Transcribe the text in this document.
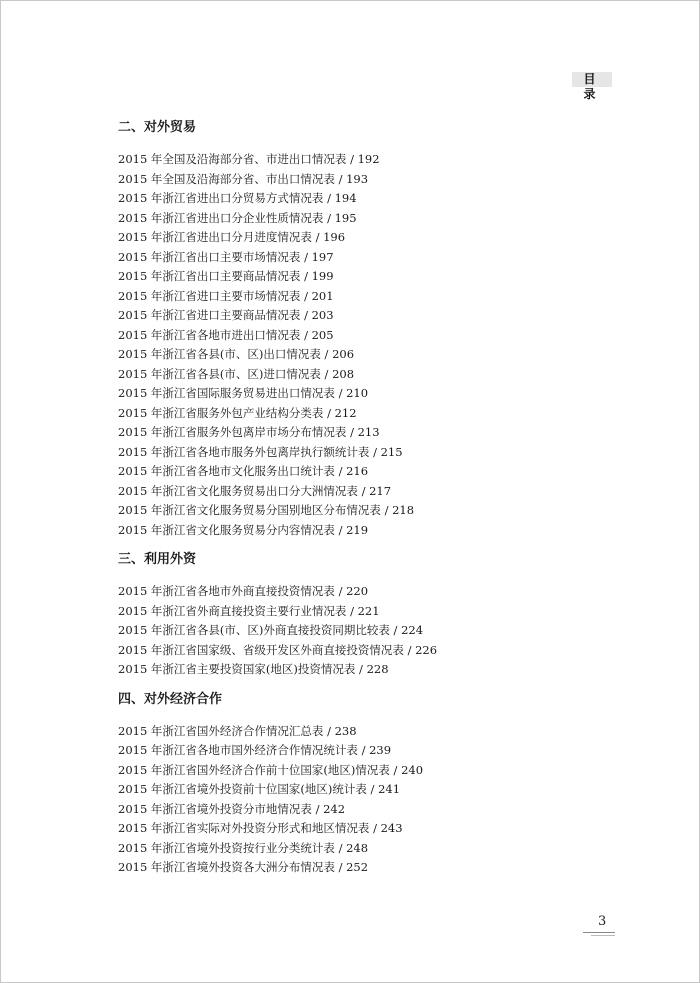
目 录
二、对外贸易
2015 年全国及沿海部分省、市进出口情况表 / 192
2015 年全国及沿海部分省、市出口情况表 / 193
2015 年浙江省进出口分贸易方式情况表 / 194
2015 年浙江省进出口分企业性质情况表 / 195
2015 年浙江省进出口分月进度情况表 / 196
2015 年浙江省出口主要市场情况表 / 197
2015 年浙江省出口主要商品情况表 / 199
2015 年浙江省进口主要市场情况表 / 201
2015 年浙江省进口主要商品情况表 / 203
2015 年浙江省各地市进出口情况表 / 205
2015 年浙江省各县(市、区)出口情况表 / 206
2015 年浙江省各县(市、区)进口情况表 / 208
2015 年浙江省国际服务贸易进出口情况表 / 210
2015 年浙江省服务外包产业结构分类表 / 212
2015 年浙江省服务外包离岸市场分布情况表 / 213
2015 年浙江省各地市服务外包离岸执行额统计表 / 215
2015 年浙江省各地市文化服务出口统计表 / 216
2015 年浙江省文化服务贸易出口分大洲情况表 / 217
2015 年浙江省文化服务贸易分国别地区分布情况表 / 218
2015 年浙江省文化服务贸易分内容情况表 / 219
三、利用外资
2015 年浙江省各地市外商直接投资情况表 / 220
2015 年浙江省外商直接投资主要行业情况表 / 221
2015 年浙江省各县(市、区)外商直接投资同期比较表 / 224
2015 年浙江省国家级、省级开发区外商直接投资情况表 / 226
2015 年浙江省主要投资国家(地区)投资情况表 / 228
四、对外经济合作
2015 年浙江省国外经济合作情况汇总表 / 238
2015 年浙江省各地市国外经济合作情况统计表 / 239
2015 年浙江省国外经济合作前十位国家(地区)情况表 / 240
2015 年浙江省境外投资前十位国家(地区)统计表 / 241
2015 年浙江省境外投资分市地情况表 / 242
2015 年浙江省实际对外投资分形式和地区情况表 / 243
2015 年浙江省境外投资按行业分类统计表 / 248
2015 年浙江省境外投资各大洲分布情况表 / 252
3
